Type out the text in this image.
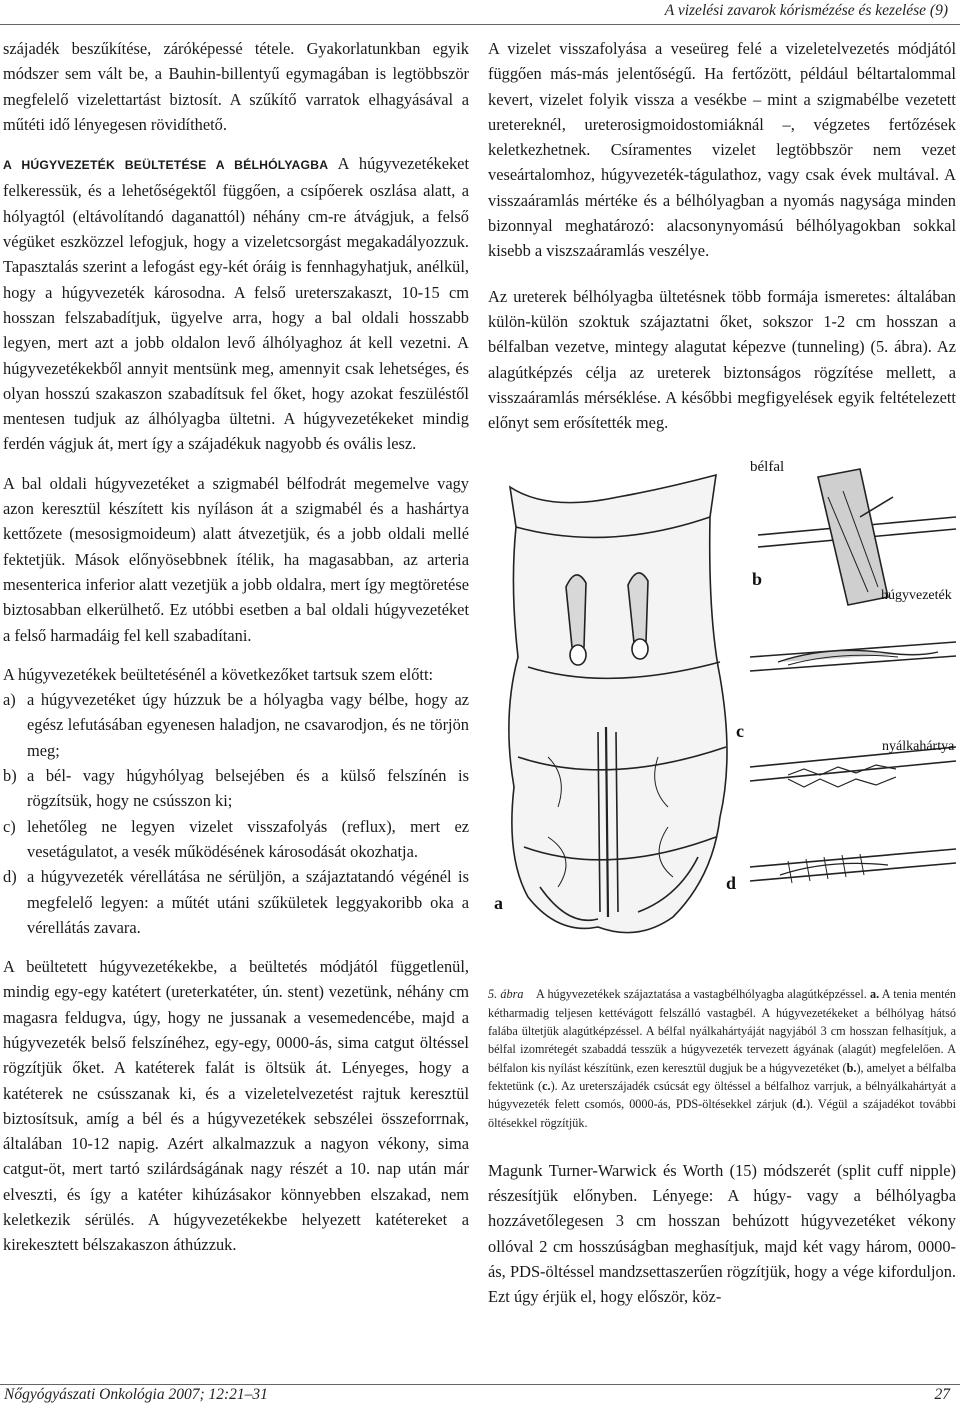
A vizelési zavarok kórismézése és kezelése (9)

szájadék beszűkítése, záróképessé tétele. Gyakorlatunkban egyik módszer sem vált be, a Bauhin-billentyű egymagában is legtöbbször megfelelő vizelettartást biztosít. A szűkítő varratok elhagyásával a műtéti idő lényegesen rövidíthető.

A HÚGYVEZETÉK BEÜLTETÉSE A BÉLHÓLYAGBA A húgyvezetékeket felkeressük, és a lehetőségektől függően, a csípőerek oszlása alatt, a hólyagtól (eltávolítandó daganattól) néhány cm-re átvágjuk, a felső végüket eszközzel lefogjuk, hogy a vizeletcsorgást megakadályozzuk. Tapasztalás szerint a lefogást egy-két óráig is fennhagyhatjuk, anélkül, hogy a húgyvezeték károsodna. A felső ureterszakaszt, 10-15 cm hosszan felszabadítjuk, ügyelve arra, hogy a bal oldali hosszabb legyen, mert azt a jobb oldalon levő álhólyaghoz át kell vezetni. A húgyvezetékekből annyit mentsünk meg, amennyit csak lehetséges, és olyan hosszú szakaszon szabadítsuk fel őket, hogy azokat feszüléstől mentesen tudjuk az álhólyagba ültetni. A húgyvezetékeket mindig ferdén vágjuk át, mert így a szájadékuk nagyobb és ovális lesz.

A bal oldali húgyvezetéket a szigmabél bélfodrát megemelve vagy azon keresztül készített kis nyíláson át a szigmabél és a hashártya kettőzete (mesosigmoideum) alatt átvezetjük, és a jobb oldali mellé fektetjük. Mások előnyösebbnek ítélik, ha magasabban, az arteria mesenterica inferior alatt vezetjük a jobb oldalra, mert így megtöretése biztosabban elkerülhető. Ez utóbbi esetben a bal oldali húgyvezetéket a felső harmadáig fel kell szabadítani.

A húgyvezetékek beültetésénél a következőket tartsuk szem előtt:

a) a húgyvezetéket úgy húzzuk be a hólyagba vagy bélbe, hogy az egész lefutásában egyenesen haladjon, ne csavarodjon, és ne törjön meg;
b) a bél- vagy húgyhólyag belsejében és a külső felszínén is rögzítsük, hogy ne csússzon ki;
c) lehetőleg ne legyen vizelet visszafolyás (reflux), mert ez vesetágulatot, a vesék működésének károsodását okozhatja.
d) a húgyvezeték vérellátása ne sérüljön, a szájaztatandó végénél is megfelelő legyen: a műtét utáni szűkületek leggyakoribb oka a vérellátás zavara.

A beültetett húgyvezetékekbe, a beültetés módjától függetlenül, mindig egy-egy katétert (ureterkatéter, ún. stent) vezetünk, néhány cm magasra feldugva, úgy, hogy ne jussanak a vesemedencébe, majd a húgyvezeték belső felszínéhez, egy-egy, 0000-ás, sima catgut öltéssel rögzítjük őket. A katéterek falát is öltsük át. Lényeges, hogy a katéterek ne csússzanak ki, és a vizeletelvezetést rajtuk keresztül biztosítsuk, amíg a bél és a húgyvezetékek sebszélei összeforrnak, általában 10-12 napig. Azért alkalmazzuk a nagyon vékony, sima catgut-öt, mert tartó szilárdságának nagy részét a 10. nap után már elveszti, és így a katéter kihúzásakor könnyebben elszakad, nem keletkezik sérülés. A húgyvezetékekbe helyezett katétereket a kirekesztett bélszakaszon áthúzzuk.

A vizelet visszafolyása a veseüreg felé a vizeletelvezetés módjától függően más-más jelentőségű. Ha fertőzött, például béltartalommal kevert, vizelet folyik vissza a vesékbe – mint a szigmabélbe vezetett uretereknél, ureterosigmoidostomiáknál –, végzetes fertőzések keletkezhetnek. Csíramentes vizelet legtöbbször nem vezet veseártalomhoz, húgyvezeték-tágulathoz, vagy csak évek multával. A visszaáramlás mértéke és a bélhólyagban a nyomás nagysága minden bizonnyal meghatározó: alacsonynyomású bélhólyagokban sokkal kisebb a viszszaáramlás veszélye.

Az ureterek bélhólyagba ültetésnek több formája ismeretes: általában külön-külön szoktuk szájaztatni őket, sokszor 1-2 cm hosszan a bélfalban vezetve, mintegy alagutat képezve (tunneling) (5. ábra). Az alagútképzés célja az ureterek biztonságos rögzítése mellett, a visszaáramlás mérséklése. A későbbi megfigyelések egyik feltételezett előnyt sem erősítették meg.

bélfal
b
húgyvezeték
c
nyálkahártya
d
a
5. ábra A húgyvezetékek szájaztatása a vastagbélhólyagba alagútképzéssel. a. A tenia mentén kétharmadig teljesen kettévágott felszálló vastagbél. A húgyvezetékeket a bélhólyag hátsó falába ültetjük alagútképzéssel. A bélfal nyálkahártyáját nagyjából 3 cm hosszan felhasítjuk, a bélfal izomrétegét szabaddá tesszük a húgyvezeték tervezett ágyának (alagút) megfelelően. A bélfalon kis nyílást készítünk, ezen keresztül dugjuk be a húgyvezetéket (b.), amelyet a bélfalba fektetünk (c.). Az ureterszájadék csúcsát egy öltéssel a bélfalhoz varrjuk, a bélnyálkahártyát a húgyvezeték felett csomós, 0000-ás, PDS-öltésekkel zárjuk (d.). Végül a szájadékot további öltésekkel rögzítjük.

Magunk Turner-Warwick és Worth (15) módszerét (split cuff nipple) részesítjük előnyben. Lényege: A húgy- vagy a bélhólyagba hozzávetőlegesen 3 cm hosszan behúzott húgyvezetéket vékony ollóval 2 cm hosszúságban meghasítjuk, majd két vagy három, 0000-ás, PDS-öltéssel mandzsettaszerűen rögzítjük, hogy a vége kiforduljon. Ezt úgy érjük el, hogy először, köz-

Nőgyógyászati Onkológia 2007; 12:21–31	27
